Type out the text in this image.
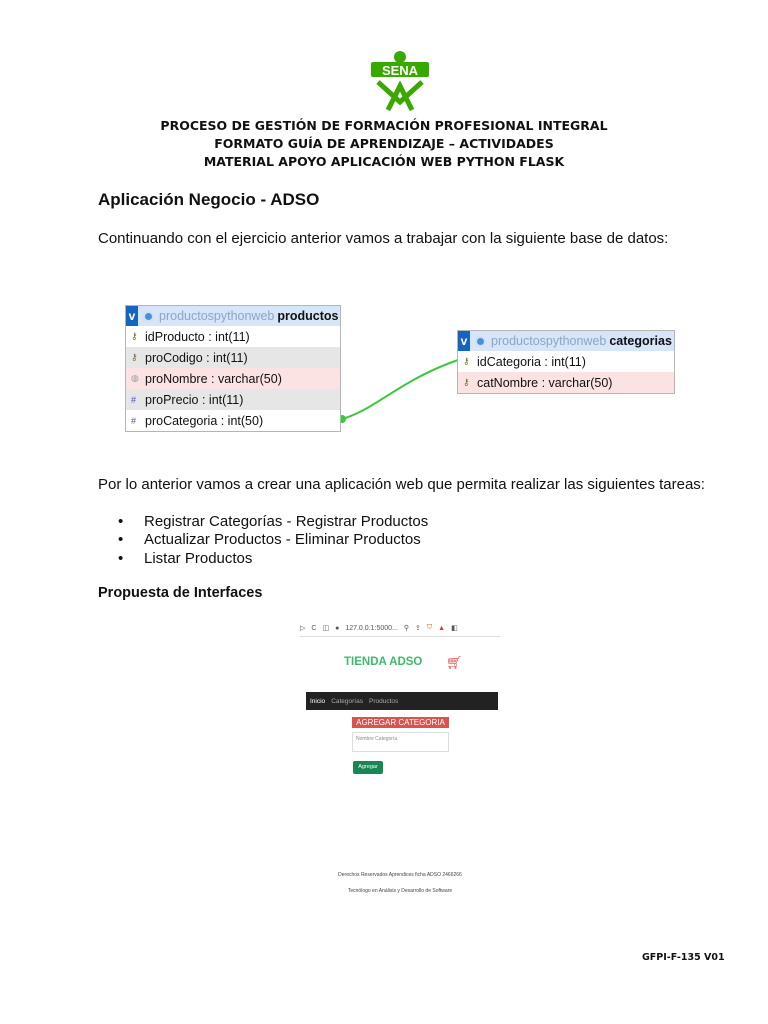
SENA
PROCESO DE GESTIÓN DE FORMACIÓN PROFESIONAL INTEGRAL
FORMATO GUÍA DE APRENDIZAJE – ACTIVIDADES
MATERIAL APOYO APLICACIÓN WEB PYTHON FLASK
Aplicación Negocio - ADSO
Continuando con el ejercicio anterior vamos a trabajar con la siguiente base de datos:
v productospythonweb productos
⚷ idProducto : int(11)
⚷ proCodigo : int(11)
◍ proNombre : varchar(50)
# proPrecio : int(11)
# proCategoria : int(50)
v productospythonweb categorias
⚷ idCategoria : int(11)
⚷ catNombre : varchar(50)
Por lo anterior vamos a crear una aplicación web que permita realizar las siguientes tareas:
• Registrar Categorías - Registrar Productos
• Actualizar Productos - Eliminar Productos
• Listar Productos
Propuesta de Interfaces
▷ C ◫ ● 127.0.0.1:5000... ⚲ ⇪ ⛉ ▲ ◧
TIENDA ADSO 🛒︎
Inicio Categorías Productos
AGREGAR CATEGORIA
Nombre Categoría
Agregar
Derechos Reservados Aprendices ficha ADSO 2466266
Tecnólogo en Análisis y Desarrollo de Software
GFPI-F-135 V01
